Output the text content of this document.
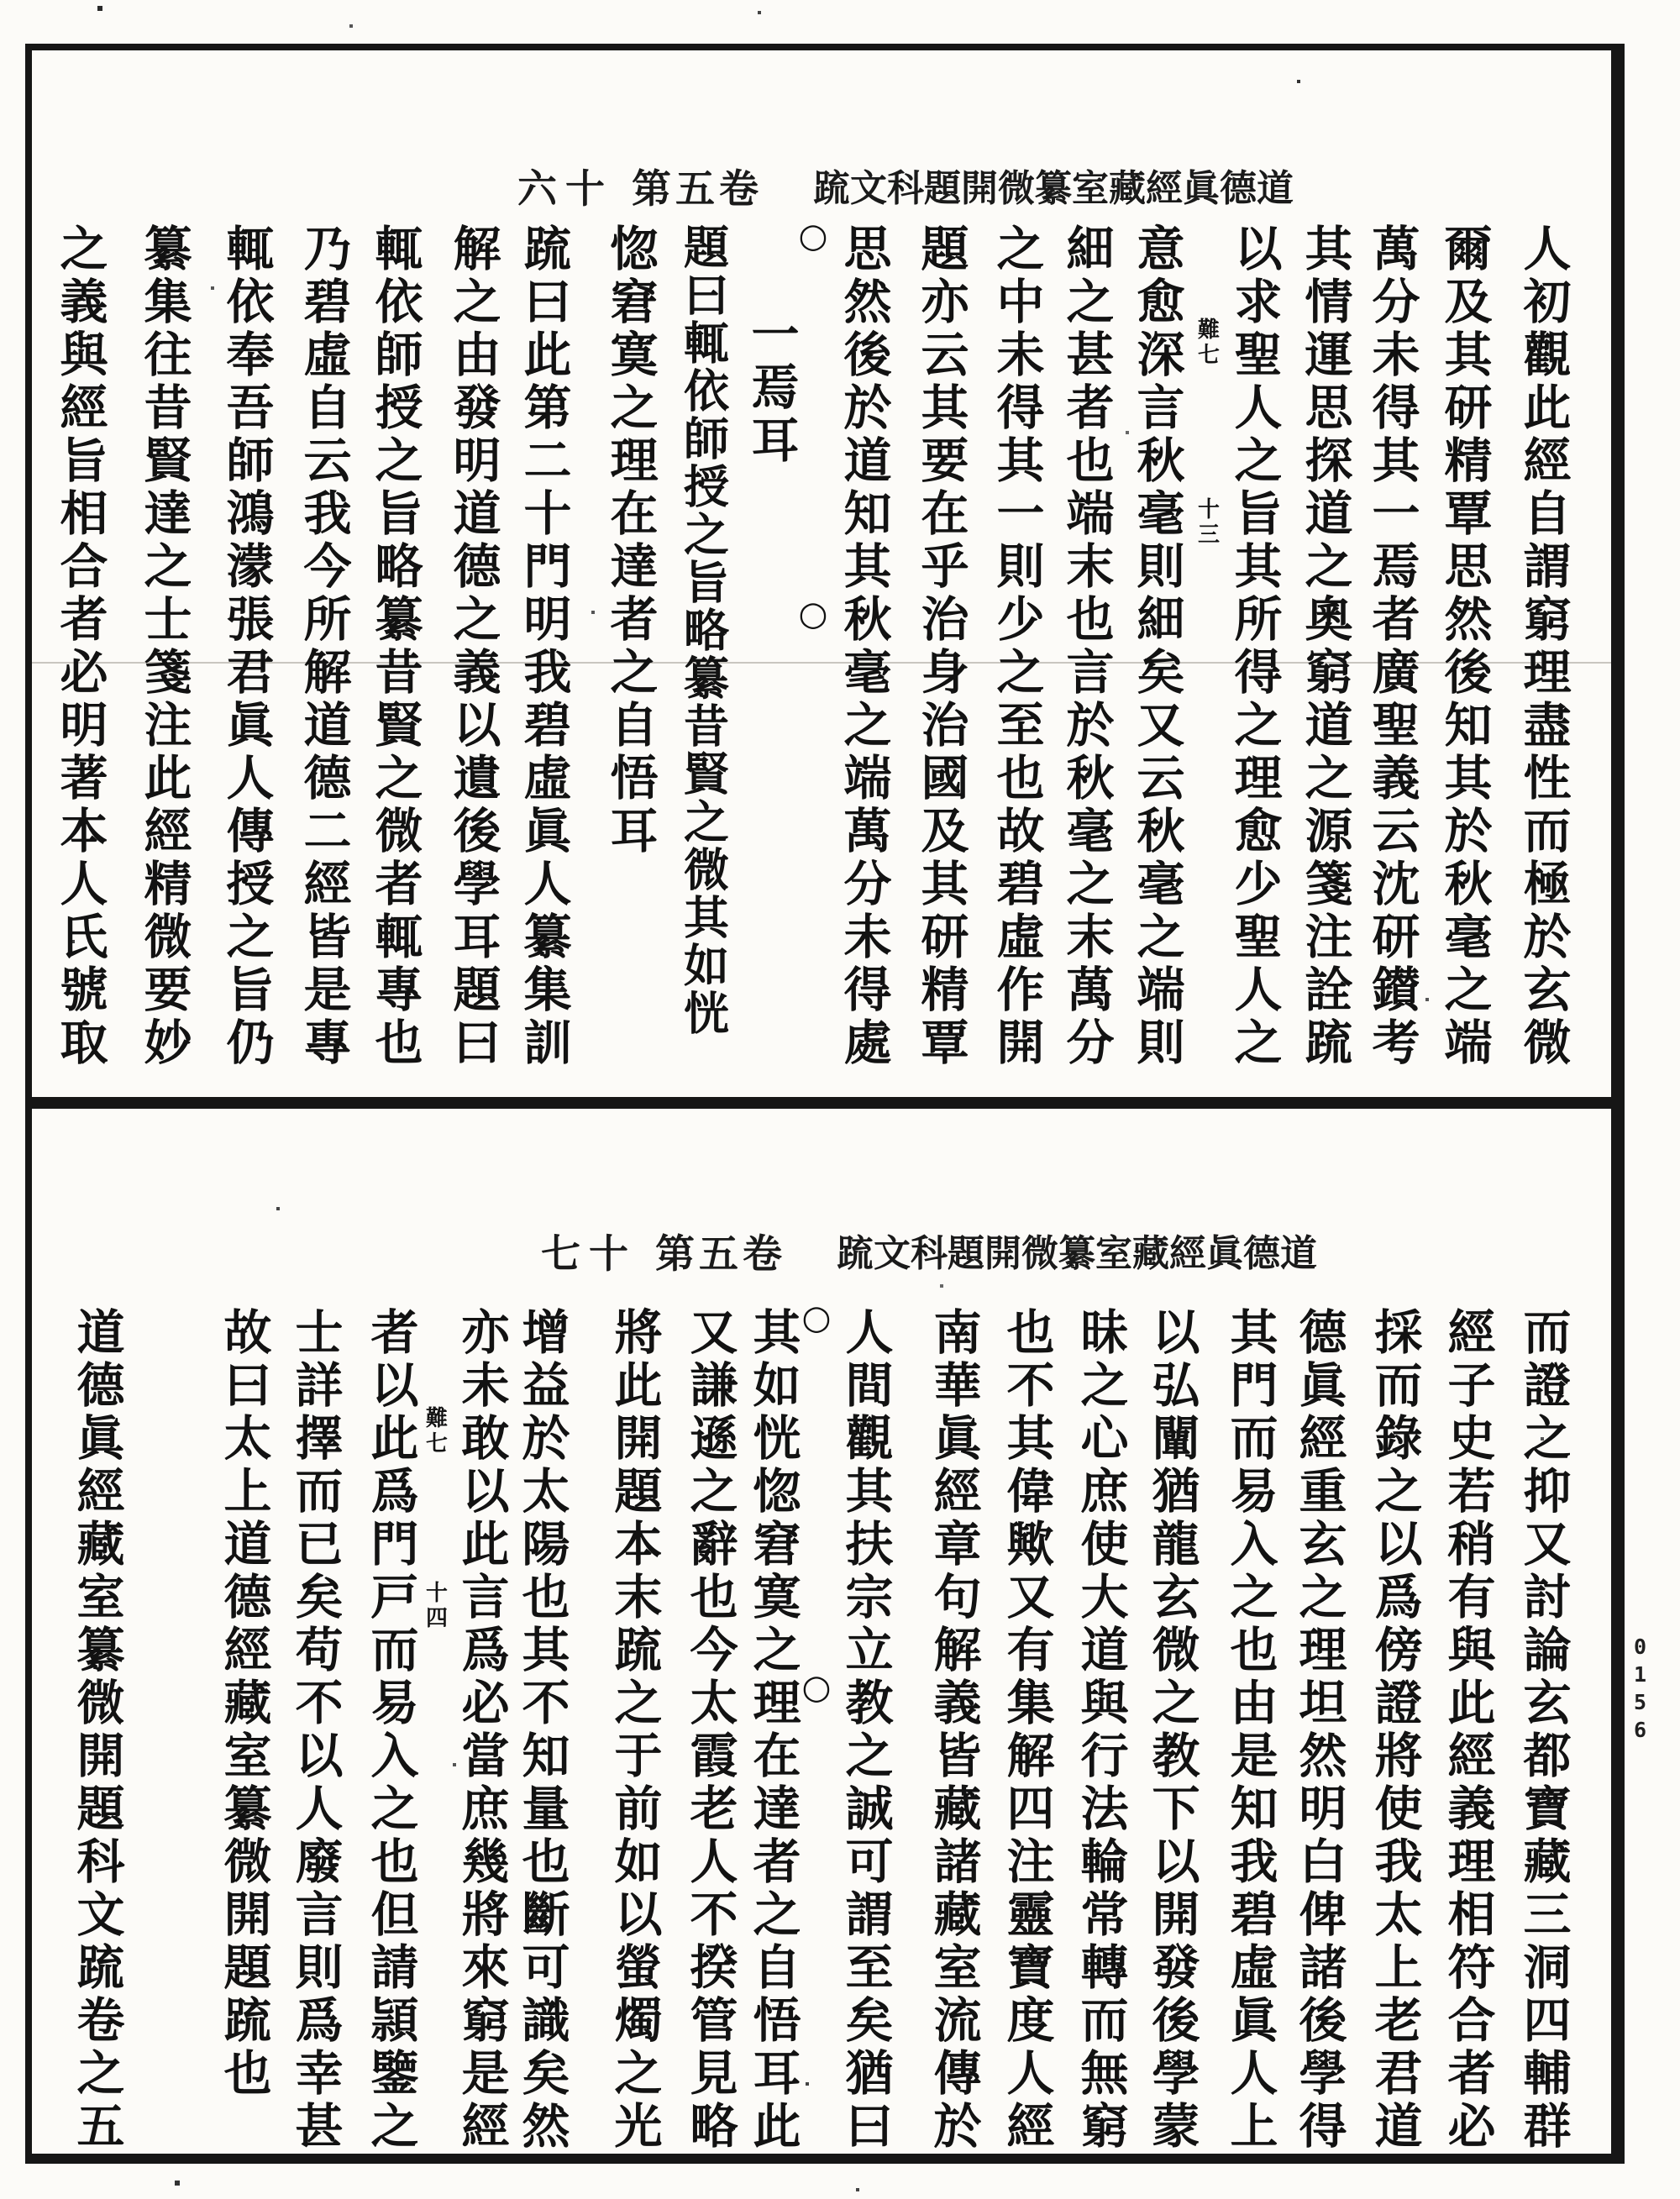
六十 第五卷 䟽文科題開微纂室藏經眞德道
七十 第五卷 䟽文科題開微纂室藏經眞德道
人初觀此經自謂窮理盡性而極於玄微
爾及其研精覃思然後知其於秋毫之端
萬分未得其一焉者廣聖義云沈研鑚考
其情運思探道之奧窮道之源箋注詮䟽
以求聖人之旨其所得之理愈少聖人之
難七
十三
意愈深言秋毫則細矣又云秋毫之端則
細之甚者也端末也言於秋毫之末萬分
之中未得其一則少之至也故碧虛作開
題亦云其要在乎治身治國及其研精覃
思然後於道知其秋毫之端萬分未得處
○
○
一焉耳
題曰輒依師授之旨略纂昔賢之微其如恍
惚窘寞之理在達者之自悟耳
䟽曰此第二十門明我碧虛眞人纂集訓
解之由發明道德之義以遺後學耳題曰
輒依師授之旨略纂昔賢之微者輒專也
乃碧虛自云我今所解道德二經皆是專
輒依奉吾師鴻濛張君眞人傳授之旨仍
纂集往昔賢達之士箋注此經精微要妙
之義與經旨相合者必明著本人氏號取
而證之抑又討論玄都寶藏三洞四輔群
經子史若稍有與此經義理相符合者必
採而錄之以爲傍證將使我太上老君道
德眞經重玄之理坦然明白俾諸後學得
其門而易入之也由是知我碧虛眞人上
以弘闡猶龍玄微之教下以開發後學蒙
昧之心庶使大道與行法輪常轉而無窮
也不其偉歟又有集解四注靈寶度人經
南華眞經章句解義皆藏諸藏室流傳於
人間觀其扶宗立教之誠可謂至矣猶曰
○
○
其如恍惚窘寞之理在達者之自悟耳此
又謙遜之辭也今太霞老人不揆管見略
將此開題本末䟽之于前如以螢燭之光
增益於太陽也其不知量也斷可識矣然
亦未敢以此言爲必當庶幾將來窮是經
難七
十四
者以此爲門戸而易入之也但請頴鑒之
士詳擇而已矣苟不以人廢言則爲幸甚
故曰太上道德經藏室纂微開題䟽也
道德眞經藏室纂微開題科文䟽卷之五	0156
